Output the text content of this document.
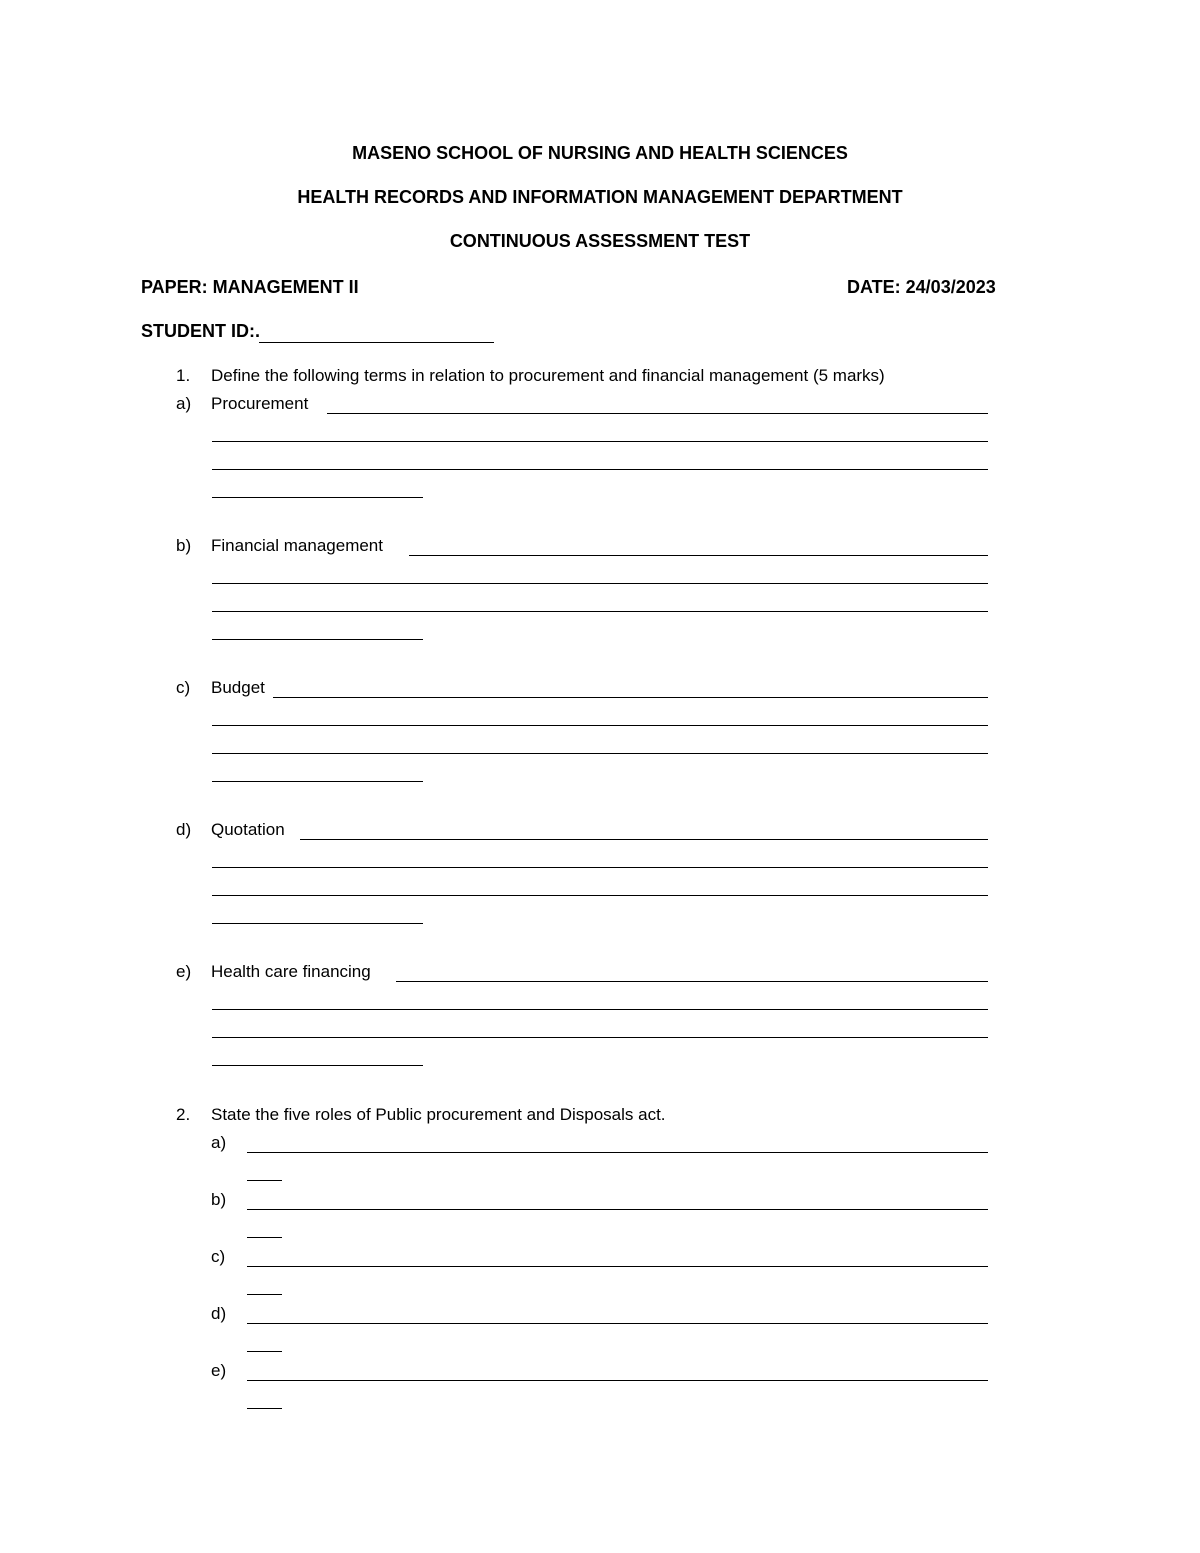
MASENO SCHOOL OF NURSING AND HEALTH SCIENCES
HEALTH RECORDS AND INFORMATION MANAGEMENT DEPARTMENT
CONTINUOUS ASSESSMENT TEST
PAPER: MANAGEMENT II	DATE: 24/03/2023
STUDENT ID:.
1. Define the following terms in relation to procurement and financial management (5 marks)
a) Procurement
b) Financial management
c) Budget
d) Quotation
e) Health care financing
2. State the five roles of Public procurement and Disposals act.
a)
b)
c)
d)
e)
